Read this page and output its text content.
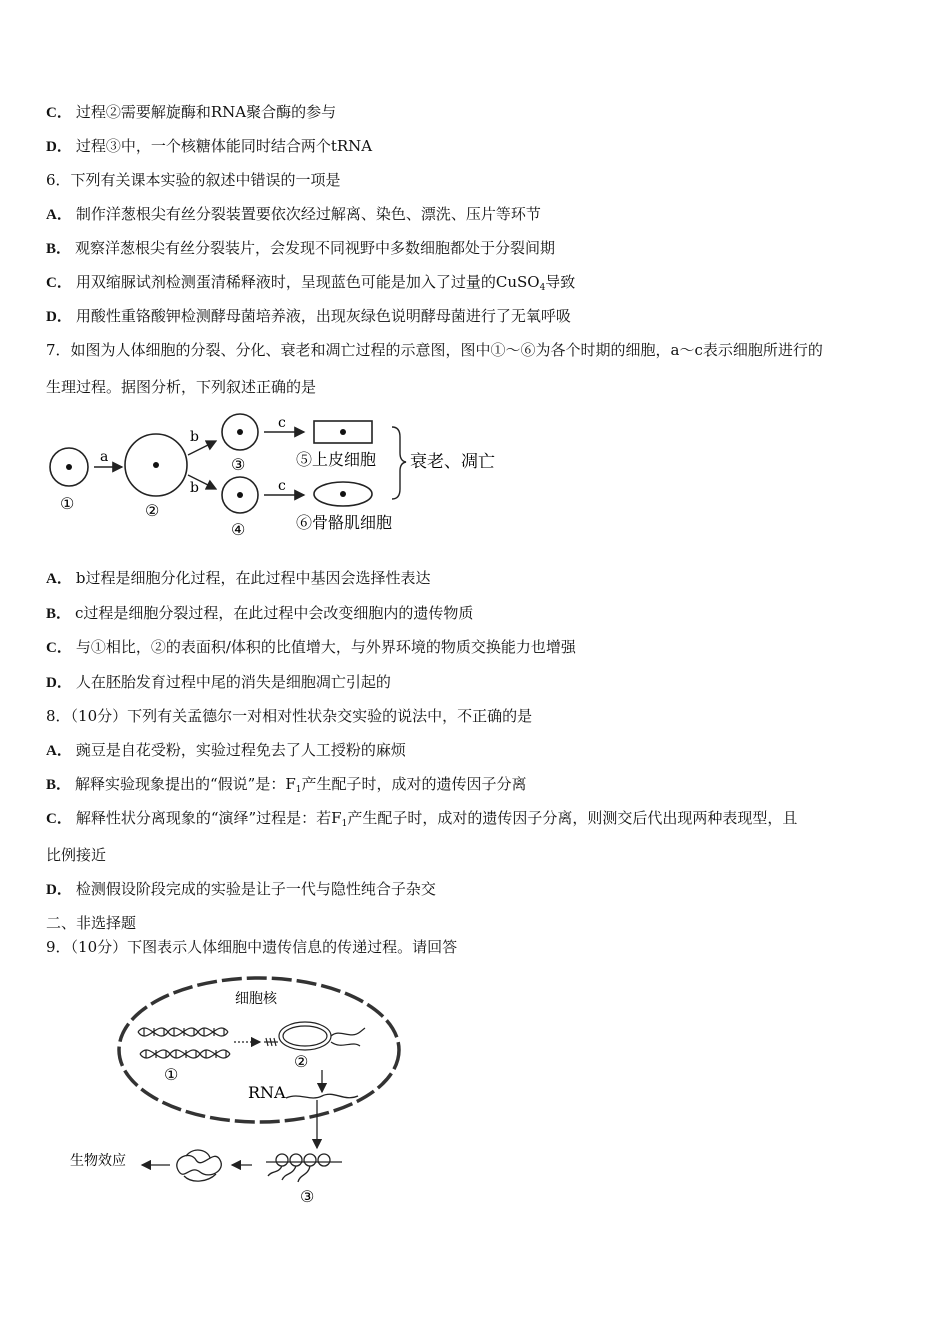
C． 过程②需要解旋酶和RNA聚合酶的参与
D． 过程③中，一个核糖体能同时结合两个tRNA
6．下列有关课本实验的叙述中错误的一项是
A． 制作洋葱根尖有丝分裂装置要依次经过解离、染色、漂洗、压片等环节
B． 观察洋葱根尖有丝分裂装片，会发现不同视野中多数细胞都处于分裂间期
C． 用双缩脲试剂检测蛋清稀释液时，呈现蓝色可能是加入了过量的CuSO$_4$导致
D． 用酸性重铬酸钾检测酵母菌培养液，出现灰绿色说明酵母菌进行了无氧呼吸
7．如图为人体细胞的分裂、分化、衰老和凋亡过程的示意图，图中①～⑥为各个时期的细胞，a～c表示细胞所进行的
生理过程。据图分析，下列叙述正确的是
①
a
②
b
b
③
④
c
c
⑤上皮细胞
⑥骨骼肌细胞
衰老、凋亡
A． b过程是细胞分化过程，在此过程中基因会选择性表达
B． c过程是细胞分裂过程，在此过程中会改变细胞内的遗传物质
C． 与①相比，②的表面积/体积的比值增大，与外界环境的物质交换能力也增强
D． 人在胚胎发育过程中尾的消失是细胞凋亡引起的
8．（10分）下列有关孟德尔一对相对性状杂交实验的说法中，不正确的是
A． 豌豆是自花受粉，实验过程免去了人工授粉的麻烦
B． 解释实验现象提出的“假说”是：$F_1$产生配子时，成对的遗传因子分离
C． 解释性状分离现象的“演绎”过程是：若$F_1$产生配子时，成对的遗传因子分离，则测交后代出现两种表现型，且
比例接近
D． 检测假设阶段完成的实验是让子一代与隐性纯合子杂交
二、非选择题
9．（10分）下图表示人体细胞中遗传信息的传递过程。请回答
细胞核
①
②
RNA
③
生物效应
